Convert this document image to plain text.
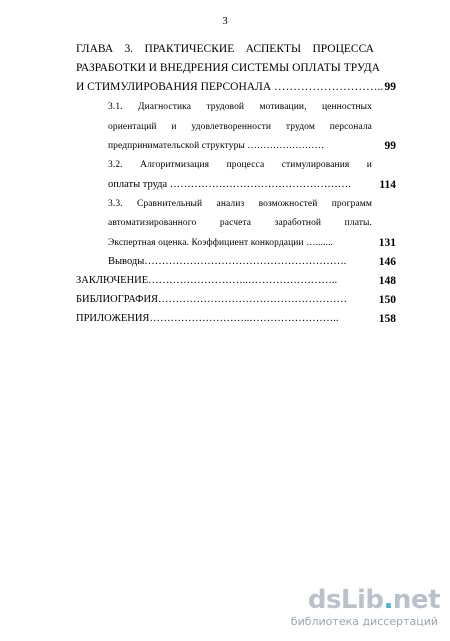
3
ГЛАВА 3. ПРАКТИЧЕСКИЕ АСПЕКТЫ ПРОЦЕССА
РАЗРАБОТКИ И ВНЕДРЕНИЯ СИСТЕМЫ ОПЛАТЫ ТРУДА
И СТИМУЛИРОВАНИЯ ПЕРСОНАЛА ……………………….. 99
3.1. Диагностика трудовой мотивации, ценностных
ориентаций и удовлетворенности трудом персонала
предпринимательской структуры ……………………	99
3.2. Алгоритмизация процесса стимулирования и
оплаты труда …………………………………………….	114
3.3. Сравнительный анализ возможностей программ
автоматизированного расчета заработной платы.
Экспертная оценка. Коэффициент конкордации ….......	131
Выводы………………………………………………….	146
ЗАКЛЮЧЕНИЕ………………………..……………………..	148
БИБЛИОГРАФИЯ………………………………………………	150
ПРИЛОЖЕНИЯ………………………..……………………..	158
dsLib.net
библиотека диссертаций
